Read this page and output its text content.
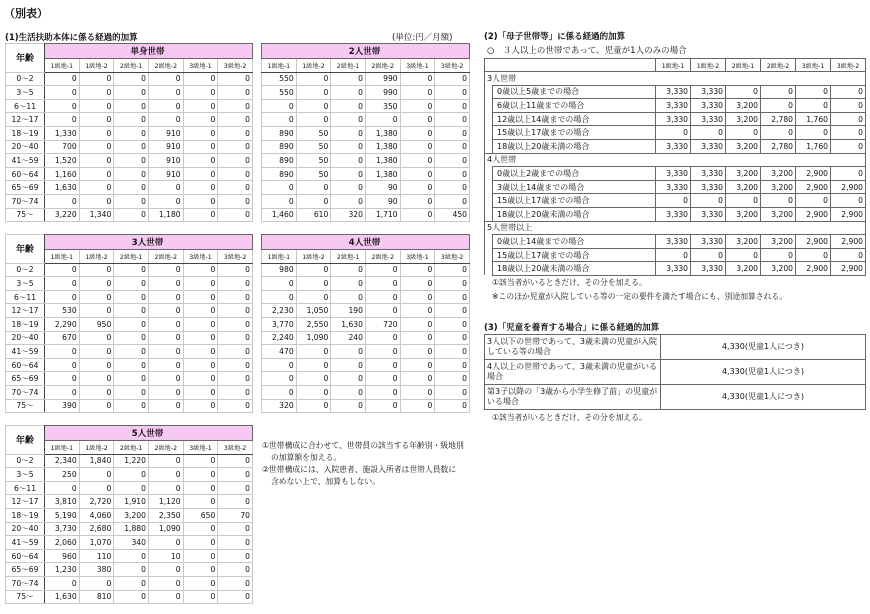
（別表）
(1)生活扶助本体に係る経過的加算	(単位:円／月額)
年齢	単身世帯					
	1級地-1	1級地-2	2級地-1	2級地-2	3級地-1	3級地-2
0～2	0	0	0	0	0	0
3～5	0	0	0	0	0	0
6～11	0	0	0	0	0	0
12～17	0	0	0	0	0	0
18～19	1,330	0	0	910	0	0
20～40	700	0	0	910	0	0
41～59	1,520	0	0	910	0	0
60～64	1,160	0	0	910	0	0
65～69	1,630	0	0	0	0	0
70～74	0	0	0	0	0	0
75～	3,220	1,340	0	1,180	0	0
2人世帯					
1級地-1	1級地-2	2級地-1	2級地-2	3級地-1	3級地-2
550	0	0	990	0	0
550	0	0	990	0	0
0	0	0	350	0	0
0	0	0	0	0	0
890	50	0	1,380	0	0
890	50	0	1,380	0	0
890	50	0	1,380	0	0
890	50	0	1,380	0	0
0	0	0	90	0	0
0	0	0	90	0	0
1,460	610	320	1,710	0	450
年齢	3人世帯					
	1級地-1	1級地-2	2級地-1	2級地-2	3級地-1	3級地-2
0～2	0	0	0	0	0	0
3～5	0	0	0	0	0	0
6～11	0	0	0	0	0	0
12～17	530	0	0	0	0	0
18～19	2,290	950	0	0	0	0
20～40	670	0	0	0	0	0
41～59	0	0	0	0	0	0
60～64	0	0	0	0	0	0
65～69	0	0	0	0	0	0
70～74	0	0	0	0	0	0
75～	390	0	0	0	0	0
4人世帯					
1級地-1	1級地-2	2級地-1	2級地-2	3級地-1	3級地-2
980	0	0	0	0	0
0	0	0	0	0	0
0	0	0	0	0	0
2,230	1,050	190	0	0	0
3,770	2,550	1,630	720	0	0
2,240	1,090	240	0	0	0
470	0	0	0	0	0
0	0	0	0	0	0
0	0	0	0	0	0
0	0	0	0	0	0
320	0	0	0	0	0
年齢	5人世帯					
	1級地-1	1級地-2	2級地-1	2級地-2	3級地-1	3級地-2
0～2	2,340	1,840	1,220	0	0	0
3～5	250	0	0	0	0	0
6～11	0	0	0	0	0	0
12～17	3,810	2,720	1,910	1,120	0	0
18～19	5,190	4,060	3,200	2,350	650	70
20～40	3,730	2,680	1,880	1,090	0	0
41～59	2,060	1,070	340	0	0	0
60～64	960	110	0	10	0	0
65～69	1,230	380	0	0	0	0
70～74	0	0	0	0	0	0
75～	1,630	810	0	0	0	0
①世帯構成に合わせて、世帯員の該当する年齢別・級地別
の加算額を加える。
②世帯構成には、入院患者、施設入所者は世帯人員数に
含めない上で、加算もしない。
(2)「母子世帯等」に係る経過的加算
○　３人以上の世帯であって、児童が1人のみの場合
		1級地-1	1級地-2	2級地-1	2級地-2	3級地-1	3級地-2
3人世帯							
	0歳以上5歳までの場合	3,330	3,330	0	0	0	0
	6歳以上11歳までの場合	3,330	3,330	3,200	0	0	0
	12歳以上14歳までの場合	3,330	3,330	3,200	2,780	1,760	0
	15歳以上17歳までの場合	0	0	0	0	0	0
	18歳以上20歳未満の場合	3,330	3,330	3,200	2,780	1,760	0
4人世帯							
	0歳以上2歳までの場合	3,330	3,330	3,200	3,200	2,900	0
	3歳以上14歳までの場合	3,330	3,330	3,200	3,200	2,900	2,900
	15歳以上17歳までの場合	0	0	0	0	0	0
	18歳以上20歳未満の場合	3,330	3,330	3,200	3,200	2,900	2,900
5人世帯以上							
	0歳以上14歳までの場合	3,330	3,330	3,200	3,200	2,900	2,900
	15歳以上17歳までの場合	0	0	0	0	0	0
	18歳以上20歳未満の場合	3,330	3,330	3,200	3,200	2,900	2,900
①該当者がいるときだけ、その分を加える。
※このほか児童が入院している等の一定の要件を満たす場合にも、別途加算される。
(3)「児童を養育する場合」に係る経過的加算
3人以下の世帯であって、3歳未満の児童が入院している等の場合	4,330(児童1人につき)
4人以上の世帯であって、3歳未満の児童がいる場合	4,330(児童1人につき)
第3子以降の「3歳から小学生修了前」の児童がいる場合	4,330(児童1人につき)
①該当者がいるときだけ、その分を加える。
